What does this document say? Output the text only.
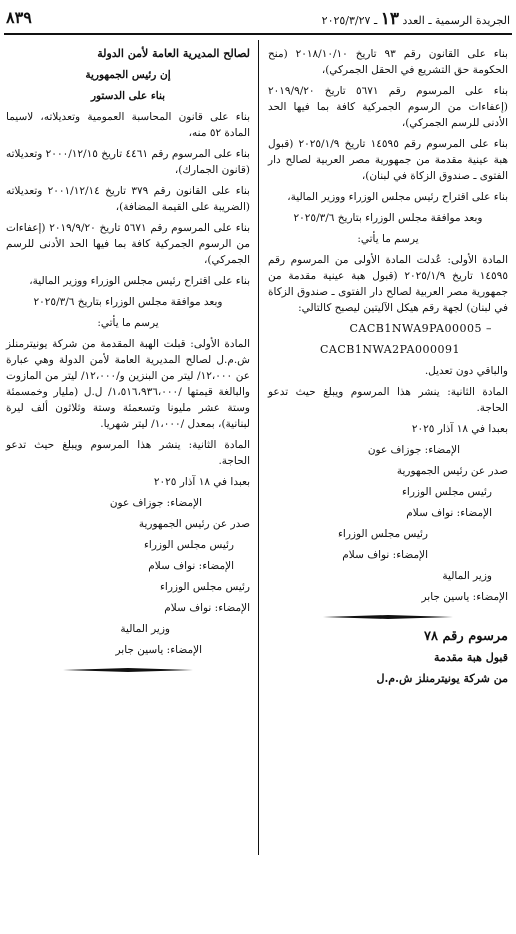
٨٣٩	الجريدة الرسمية ـ العدد ١٣ ـ ٢٠٢٥/٣/٢٧

بناء على القانون رقم ٩٣ تاريخ ٢٠١٨/١٠/١٠ (منح الحكومة حق التشريع في الحقل الجمركي)،

بناء على المرسوم رقم ٥٦٧١ تاريخ ٢٠١٩/٩/٢٠ (إعفاءات من الرسوم الجمركية كافة بما فيها الحد الأدنى للرسم الجمركي)،

بناء على المرسوم رقم ١٤٥٩٥ تاريخ ٢٠٢٥/١/٩ (قبول هبة عينية مقدمة من جمهورية مصر العربية لصالح دار الفتوى ـ صندوق الزكاة في لبنان)،

بناء على اقتراح رئيس مجلس الوزراء ووزير المالية،

وبعد موافقة مجلس الوزراء بتاريخ ٢٠٢٥/٣/٦

يرسم ما يأتي:

المادة الأولى: عُدلت المادة الأولى من المرسوم رقم ١٤٥٩٥ تاريخ ٢٠٢٥/١/٩ (قبول هبة عينية مقدمة من جمهورية مصر العربية لصالح دار الفتوى ـ صندوق الزكاة في لبنان) لجهة رقم هيكل الآليتين ليصبح كالتالي:

CACB1NWA9PA00005 –

CACB1NWA2PA000091

والباقي دون تعديل.

المادة الثانية: ينشر هذا المرسوم ويبلغ حيث تدعو الحاجة.

بعبدا في ١٨ آذار ٢٠٢٥

الإمضاء: جوزاف عون

صدر عن رئيس الجمهورية

رئيس مجلس الوزراء

الإمضاء: نواف سلام

رئيس مجلس الوزراء

الإمضاء: نواف سلام

وزير المالية

الإمضاء: ياسين جابر

مرسوم رقم ٧٨

قبول هبة مقدمة

من شركة يونيترمنلز ش.م.ل

لصالح المديرية العامة لأمن الدولة

إن رئيس الجمهورية

بناء على الدستور

بناء على قانون المحاسبة العمومية وتعديلاته، لاسيما المادة ٥٢ منه،

بناء على المرسوم رقم ٤٤٦١ تاريخ ٢٠٠٠/١٢/١٥ وتعديلاته (قانون الجمارك)،

بناء على القانون رقم ٣٧٩ تاريخ ٢٠٠١/١٢/١٤ وتعديلاته (الضريبة على القيمة المضافة)،

بناء على المرسوم رقم ٥٦٧١ تاريخ ٢٠١٩/٩/٢٠ (إعفاءات من الرسوم الجمركية كافة بما فيها الحد الأدنى للرسم الجمركي)،

بناء على اقتراح رئيس مجلس الوزراء ووزير المالية،

وبعد موافقة مجلس الوزراء بتاريخ ٢٠٢٥/٣/٦

يرسم ما يأتي:

المادة الأولى: قبلت الهبة المقدمة من شركة يونيترمنلز ش.م.ل لصالح المديرية العامة لأمن الدولة وهي عبارة عن ١٢،٠٠٠/ ليتر من البنزين و/١٢،٠٠٠/ ليتر من المازوت والبالغة قيمتها /١،٥١٦،٩٣٦،٠٠٠/ ل.ل (مليار وخمسمئة وستة عشر مليونا وتسعمئة وستة وثلاثون ألف ليرة لبنانية)، بمعدل /١،٠٠٠/ ليتر شهريا.

المادة الثانية: ينشر هذا المرسوم ويبلغ حيث تدعو الحاجة.

بعبدا في ١٨ آذار ٢٠٢٥

الإمضاء: جوزاف عون

صدر عن رئيس الجمهورية

رئيس مجلس الوزراء

الإمضاء: نواف سلام

رئيس مجلس الوزراء

الإمضاء: نواف سلام

وزير المالية

الإمضاء: ياسين جابر
